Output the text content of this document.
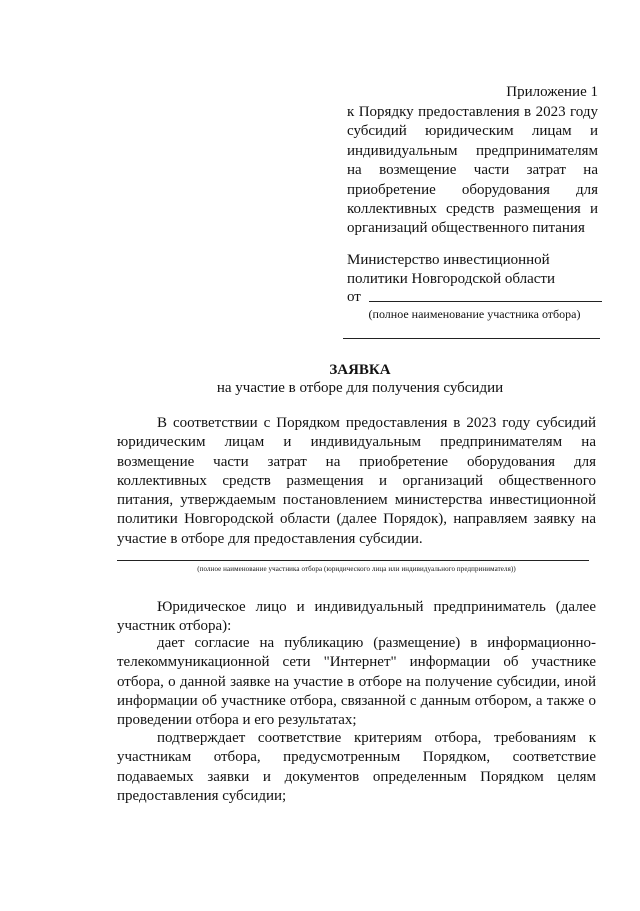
Приложение 1
к Порядку предоставления в 2023 году субсидий юридическим лицам и индивидуальным предпринимателям на возмещение части затрат на приобретение оборудования для коллективных средств размещения и организаций общественного питания
Министерство инвестиционной
политики Новгородской области
от
(полное наименование участника отбора)
ЗАЯВКА
на участие в отборе для получения субсидии

В соответствии с Порядком предоставления в 2023 году субсидий юридическим лицам и индивидуальным предпринимателям на возмещение части затрат на приобретение оборудования для коллективных средств размещения и организаций общественного питания, утверждаемым постановлением министерства инвестиционной политики Новгородской области (далее Порядок), направляем заявку на участие в отборе для предоставления субсидии.

(полное наименование участника отбора (юридического лица или индивидуального предпринимателя))

Юридическое лицо и индивидуальный предприниматель (далее участник отбора):

дает согласие на публикацию (размещение) в информационно-телекоммуникационной сети "Интернет" информации об участнике отбора, о данной заявке на участие в отборе на получение субсидии, иной информации об участнике отбора, связанной с данным отбором, а также о проведении отбора и его результатах;

подтверждает соответствие критериям отбора, требованиям к участникам отбора, предусмотренным Порядком, соответствие подаваемых заявки и документов определенным Порядком целям предоставления субсидии;
